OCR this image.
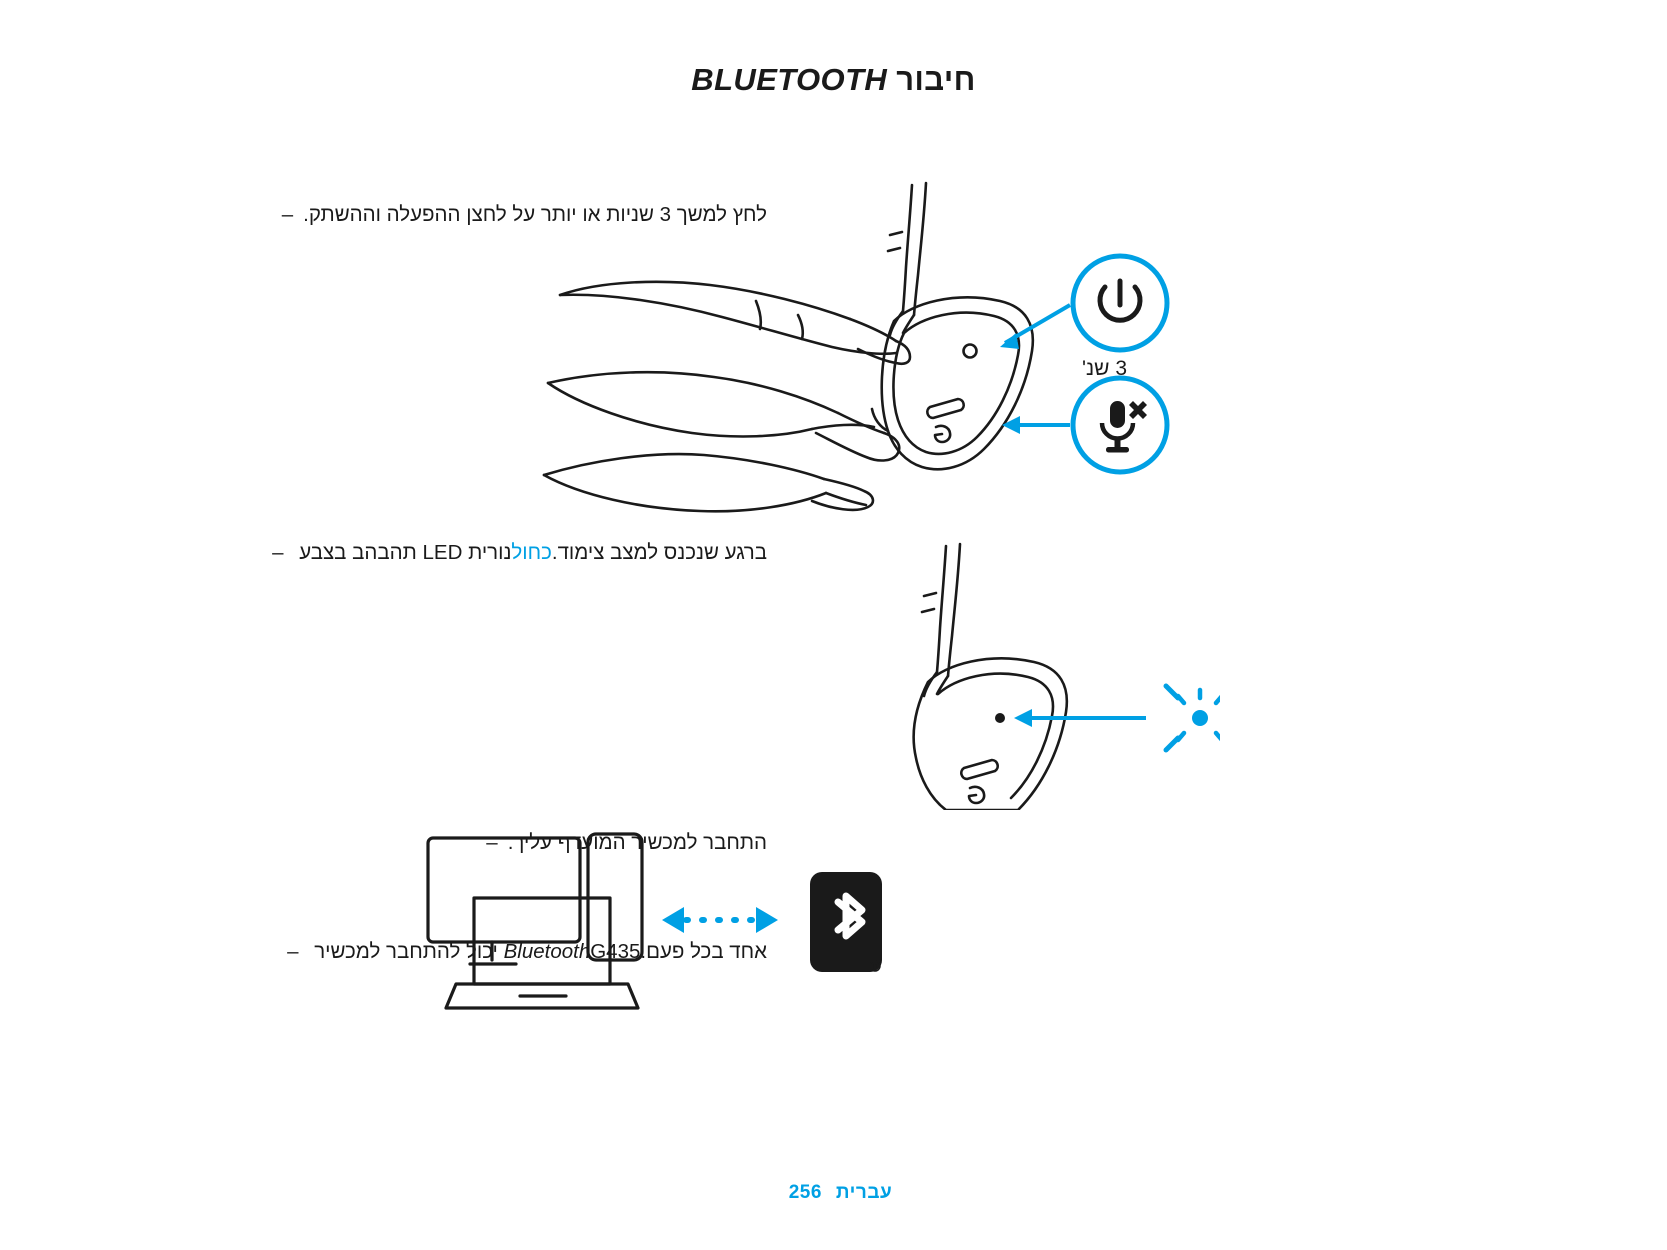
חיבור BLUETOOTH
לחץ למשך 3 שניות או יותר על לחצן ההפעלה וההשתק.–
3 שנ'
ברגע שנכנס למצב צימוד.כחולנורית LED תהבהב בצבע –
התחבר למכשיר המועדף עליך.–
אחד בכל פעם.BluetoothG435 יכול להתחבר למכשיר –
R
עברית256
